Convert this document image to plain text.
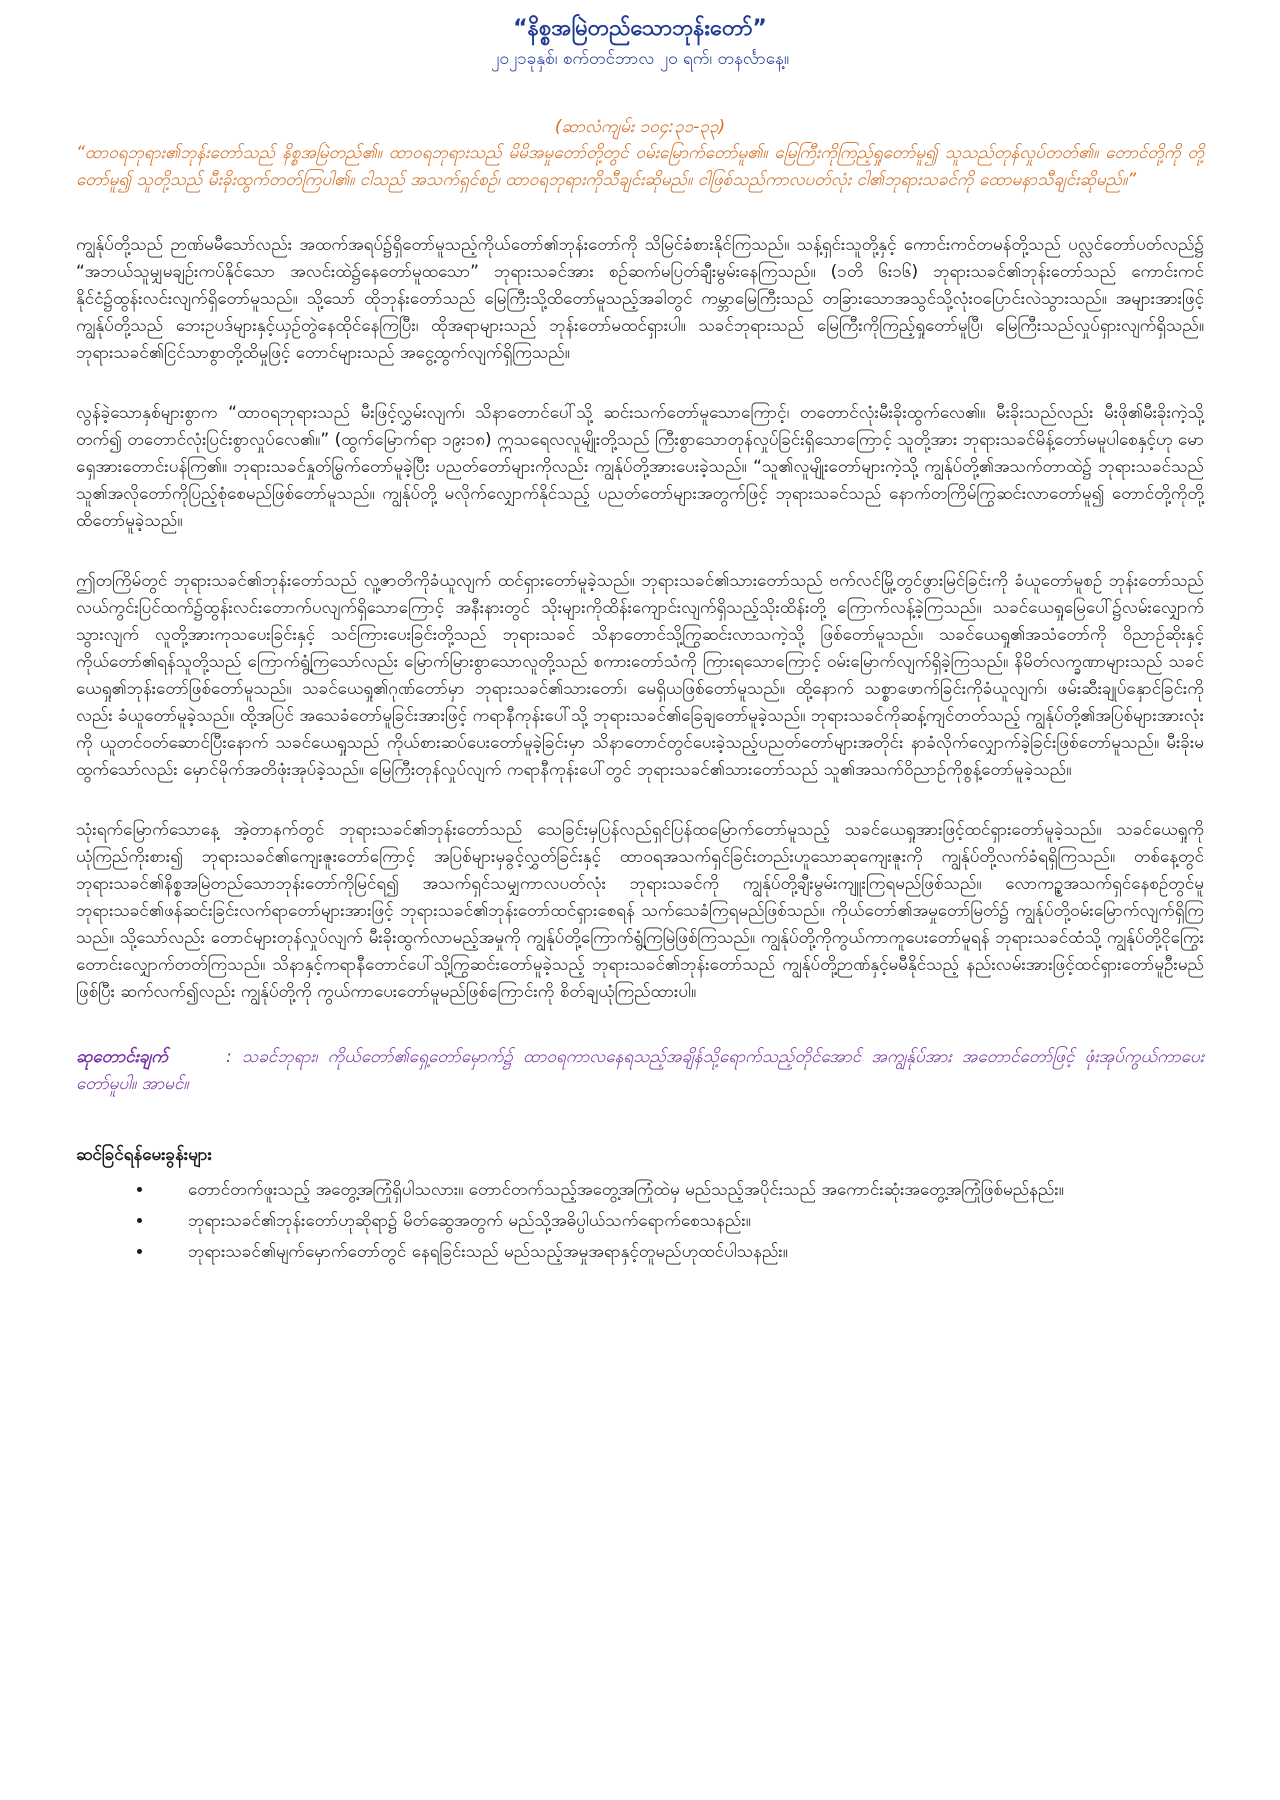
“နိစ္စအမြဲတည်သောဘုန်းတော်”
၂၀၂၁ခုနှစ်၊ စက်တင်ဘာလ ၂၀ ရက်၊ တနင်္လာနေ့။
(ဆာလံကျမ်း ၁၀၄:၃၁-၃၃)
“ထာဝရဘုရား၏ဘုန်းတော်သည် နိစ္စအမြဲတည်၏။ ထာဝရဘုရားသည် မိမိအမှုတော်တို့တွင် ဝမ်းမြောက်တော်မူ၏။ မြေကြီးကိုကြည့်ရှုတော်မူ၍ သူသည်တုန်လှုပ်တတ်၏။ တောင်တို့ကို တို့တော်မူ၍ သူတို့သည် မီးခိုးထွက်တတ်ကြပါ၏။ ငါသည် အသက်ရှင်စဉ်၊ ထာဝရဘုရားကိုသီချင်းဆိုမည်။ ငါဖြစ်သည်ကာလပတ်လုံး ငါ၏ဘုရားသခင်ကို ထောမနာသီချင်းဆိုမည်။”

ကျွန်ုပ်တို့သည် ဉာဏ်မမီသော်လည်း အထက်အရပ်၌ရှိတော်မူသည့်ကိုယ်တော်၏ဘုန်းတော်ကို သိမြင်ခံစားနိုင်ကြသည်။ သန့်ရှင်းသူတို့နှင့် ကောင်းကင်တမန်တို့သည် ပလ္လင်တော်ပတ်လည်၌ “အဘယ်သူမျှမချဉ်းကပ်နိုင်သော အလင်းထဲ၌နေတော်မူထသော” ဘုရားသခင်အား စဉ်ဆက်မပြတ်ချီးမွမ်းနေကြသည်။ (၁တိ ၆း၁၆) ဘုရားသခင်၏ဘုန်းတော်သည် ကောင်းကင်နိုင်ငံ၌ထွန်းလင်းလျက်ရှိတော်မူသည်။ သို့သော် ထိုဘုန်းတော်သည် မြေကြီးသို့ထိတော်မူသည့်အခါတွင် ကမ္ဘာမြေကြီးသည် တခြားသောအသွင်သို့လုံးဝပြောင်းလဲသွားသည်။ အများအားဖြင့် ကျွန်ုပ်တို့သည် ဘေးဥပဒ်များနှင့်ယှဉ်တွဲနေထိုင်နေကြပြီး၊ ထိုအရာများသည် ဘုန်းတော်မထင်ရှားပါ။ သခင်ဘုရားသည် မြေကြီးကိုကြည့်ရှုတော်မူပြီ၊ မြေကြီးသည်လှုပ်ရှားလျက်ရှိသည်။ ဘုရားသခင်၏ငြင်သာစွာတို့ထိမှုဖြင့် တောင်များသည် အငွေ့ထွက်လျက်ရှိကြသည်။

လွန်ခဲ့သောနှစ်များစွာက “ထာဝရဘုရားသည် မီးဖြင့်လွှမ်းလျက်၊ သိနာတောင်ပေါ်သို့ ဆင်းသက်တော်မူသောကြောင့်၊ တတောင်လုံးမီးခိုးထွက်လေ၏။ မီးခိုးသည်လည်း မီးဖို၏မီးခိုးကဲ့သို့တက်၍ တတောင်လုံးပြင်းစွာလှုပ်လေ၏။” (ထွက်မြောက်ရာ ၁၉း၁၈) ဣသရေလလူမျိုးတို့သည် ကြီးစွာသောတုန်လှုပ်ခြင်းရှိသောကြောင့် သူတို့အား ဘုရားသခင်မိန့်တော်မမူပါစေနှင့်ဟု မောရှေအားတောင်းပန်ကြ၏။ ဘုရားသခင်နှုတ်မြွက်တော်မူခဲ့ပြီး ပညတ်တော်များကိုလည်း ကျွန်ုပ်တို့အားပေးခဲ့သည်။ “သူ၏လူမျိုးတော်များကဲ့သို့ ကျွန်ုပ်တို့၏အသက်တာထဲ၌ ဘုရားသခင်သည် သူ၏အလိုတော်ကိုပြည့်စုံစေမည်ဖြစ်တော်မူသည်။ ကျွန်ုပ်တို့ မလိုက်လျှောက်နိုင်သည့် ပညတ်တော်များအတွက်ဖြင့် ဘုရားသခင်သည် နောက်တကြိမ်ကြွဆင်းလာတော်မူ၍ တောင်တို့ကိုတို့ထိတော်မူခဲ့သည်။

ဤတကြိမ်တွင် ဘုရားသခင်၏ဘုန်းတော်သည် လူ့ဇာတိကိုခံယူလျက် ထင်ရှားတော်မူခဲ့သည်။ ဘုရားသခင်၏သားတော်သည် ဗက်လင်မြို့တွင်ဖွားမြင်ခြင်းကို ခံယူတော်မူစဉ် ဘုန်းတော်သည် လယ်ကွင်းပြင်ထက်၌ထွန်းလင်းတောက်ပလျက်ရှိသောကြောင့် အနီးနားတွင် သိုးများကိုထိန်းကျောင်းလျက်ရှိသည့်သိုးထိန်းတို့ ကြောက်လန့်ခဲ့ကြသည်။ သခင်ယေရှုမြေပေါ်၌လမ်းလျှောက်သွားလျက် လူတို့အားကုသပေးခြင်းနှင့် သင်ကြားပေးခြင်းတို့သည် ဘုရားသခင် သိနာတောင်သို့ကြွဆင်းလာသကဲ့သို့ ဖြစ်တော်မူသည်။ သခင်ယေရှု၏အသံတော်ကို ဝိညာဉ်ဆိုးနှင့်ကိုယ်တော်၏ရန်သူတို့သည် ကြောက်ရွံ့ကြသော်လည်း မြောက်မြားစွာသောလူတို့သည် စကားတော်သံကို ကြားရသောကြောင့် ဝမ်းမြောက်လျက်ရှိခဲ့ကြသည်။ နိမိတ်လက္ခဏာများသည် သခင်ယေရှု၏ဘုန်းတော်ဖြစ်တော်မူသည်။ သခင်ယေရှု၏ဂုဏ်တော်မှာ ဘုရားသခင်၏သားတော်၊ မေရှိယဖြစ်တော်မူသည်။ ထို့နောက် သစ္စာဖောက်ခြင်းကိုခံယူလျက်၊ ဖမ်းဆီးချုပ်နှောင်ခြင်းကိုလည်း ခံယူတော်မူခဲ့သည်။ ထို့အပြင် အသေခံတော်မူခြင်းအားဖြင့် ကရာနီကုန်းပေါ်သို့ ဘုရားသခင်၏ခြေချတော်မူခဲ့သည်။ ဘုရားသခင်ကိုဆန့်ကျင်တတ်သည့် ကျွန်ုပ်တို့၏အပြစ်များအားလုံးကို ယူတင်ဝတ်ဆောင်ပြီးနောက် သခင်ယေရှုသည် ကိုယ်စားဆပ်ပေးတော်မူခဲ့ခြင်းမှာ သိနာတောင်တွင်ပေးခဲ့သည့်ပညတ်တော်များအတိုင်း နာခံလိုက်လျှောက်ခဲ့ခြင်းဖြစ်တော်မူသည်။ မီးခိုးမထွက်သော်လည်း မှောင်မိုက်အတိဖုံးအုပ်ခဲ့သည်။ မြေကြီးတုန်လှုပ်လျက် ကရာနီကုန်းပေါ်တွင် ဘုရားသခင်၏သားတော်သည် သူ၏အသက်ဝိညာဉ်ကိုစွန့်တော်မူခဲ့သည်။

သုံးရက်မြောက်သောနေ့ အဲ့တာနက်တွင် ဘုရားသခင်၏ဘုန်းတော်သည် သေခြင်းမှပြန်လည်ရှင်ပြန်ထမြောက်တော်မူသည့် သခင်ယေရှုအားဖြင့်ထင်ရှားတော်မူခဲ့သည်။ သခင်ယေရှုကိုယုံကြည်ကိုးစား၍ ဘုရားသခင်၏ကျေးဇူးတော်ကြောင့် အပြစ်များမှခွင့်လွှတ်ခြင်းနှင့် ထာဝရအသက်ရှင်ခြင်းတည်းဟူသောဆုကျေးဇူးကို ကျွန်ုပ်တို့လက်ခံရရှိကြသည်။ တစ်နေ့တွင် ဘုရားသခင်၏နိစ္စအမြဲတည်သောဘုန်းတော်ကိုမြင်ရ၍ အသက်ရှင်သမျှကာလပတ်လုံး ဘုရားသခင်ကို ကျွန်ုပ်တို့ချီးမွမ်းကျူးကြရမည်ဖြစ်သည်။ လောကဥ္စအသက်ရှင်နေစဉ်တွင်မူ ဘုရားသခင်၏ဖန်ဆင်းခြင်းလက်ရာတော်များအားဖြင့် ဘုရားသခင်၏ဘုန်းတော်ထင်ရှားစေရန် သက်သေခံကြရမည်ဖြစ်သည်။ ကိုယ်တော်၏အမှုတော်မြတ်၌ ကျွန်ုပ်တို့ဝမ်းမြောက်လျက်ရှိကြသည်။ သို့သော်လည်း တောင်များတုန်လှုပ်လျက် မီးခိုးထွက်လာမည့်အမှုကို ကျွန်ုပ်တို့ကြောက်ရွံ့ကြမြဲဖြစ်ကြသည်။ ကျွန်ုပ်တို့ကိုကွယ်ကာကူပေးတော်မူရန် ဘုရားသခင်ထံသို့ ကျွန်ုပ်တို့ငိုကြွေးတောင်းလျှောက်တတ်ကြသည်။ သိနာနှင့်ကရာနီတောင်ပေါ်သို့ကြွဆင်းတော်မူခဲ့သည့် ဘုရားသခင်၏ဘုန်းတော်သည် ကျွန်ုပ်တို့ဉာဏ်နှင့်မမီနိုင်သည့် နည်းလမ်းအားဖြင့်ထင်ရှားတော်မူဦးမည်ဖြစ်ပြီး ဆက်လက်၍လည်း ကျွန်ုပ်တို့ကို ကွယ်ကာပေးတော်မူမည်ဖြစ်ကြောင်းကို စိတ်ချယုံကြည်ထားပါ။

ဆုတောင်းချက်	: သခင်ဘုရား၊ ကိုယ်တော်၏ရှေ့တော်မှောက်၌ ထာဝရကာလနေရသည့်အချိန်သို့ရောက်သည့်တိုင်အောင် အကျွန်ုပ်အား အတောင်တော်ဖြင့် ဖုံးအုပ်ကွယ်ကာပေးတော်မူပါ။ အာမင်။
ဆင်ခြင်ရန်မေးခွန်းများ
• တောင်တက်ဖူးသည့် အတွေ့အကြုံရှိပါသလား။ တောင်တက်သည့်အတွေ့အကြုံထဲမှ မည်သည့်အပိုင်းသည် အကောင်းဆုံးအတွေ့အကြုံဖြစ်မည်နည်း။
• ဘုရားသခင်၏ဘုန်းတော်ဟုဆိုရာ၌ မိတ်ဆွေအတွက် မည်သို့အဓိပ္ပါယ်သက်ရောက်စေသနည်း။
• ဘုရားသခင်၏မျက်မှောက်တော်တွင် နေရခြင်းသည် မည်သည့်အမှုအရာနှင့်တူမည်ဟုထင်ပါသနည်း။
